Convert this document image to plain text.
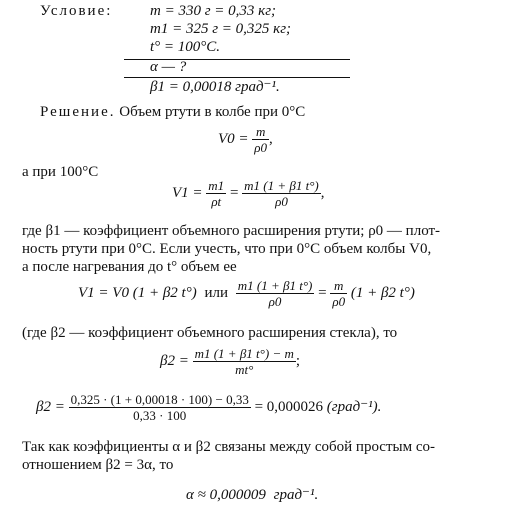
Условие:	m = 330 г = 0,33 кг;
m1 = 325 г = 0,325 кг;
t° = 100°C.
α — ?
β1 = 0,00018 град⁻¹.
Решение. Объем ртути в колбе при 0°С
$V0 = \frac{m}{\rho 0}$ ,
а при 100°С
$V1 = \frac{m1}{\rho t} = \frac{m1 (1 + \beta 1 t^\circ)}{\rho 0}$ ,
где β1 — коэффициент объемного расширения ртути; ρ0 — плот-
ность ртути при 0°С. Если учесть, что при 0°С объем колбы V0,
а после нагревания до t° объем ее
V1 = V0 (1 + β2 t°) или $\frac{m1 (1 + \beta 1 t^\circ)}{\rho 0} = \frac{m}{\rho 0} (1 + \beta 2$ t°)
(где β2 — коэффициент объемного расширения стекла), то
$\beta 2 = \frac{m1 (1 + \beta 1 t^\circ) - m}{mt^\circ}$ ;
$\beta 2 = \frac{0,325 \cdot (1 + 0,00018 \cdot 100) - 0,33}{0,33 \cdot 100} = 0,000026$ (град⁻¹).
Так как коэффициенты α и β2 связаны между собой простым со-
отношением β2 = 3α, то
α ≈ 0,000009 град⁻¹.
